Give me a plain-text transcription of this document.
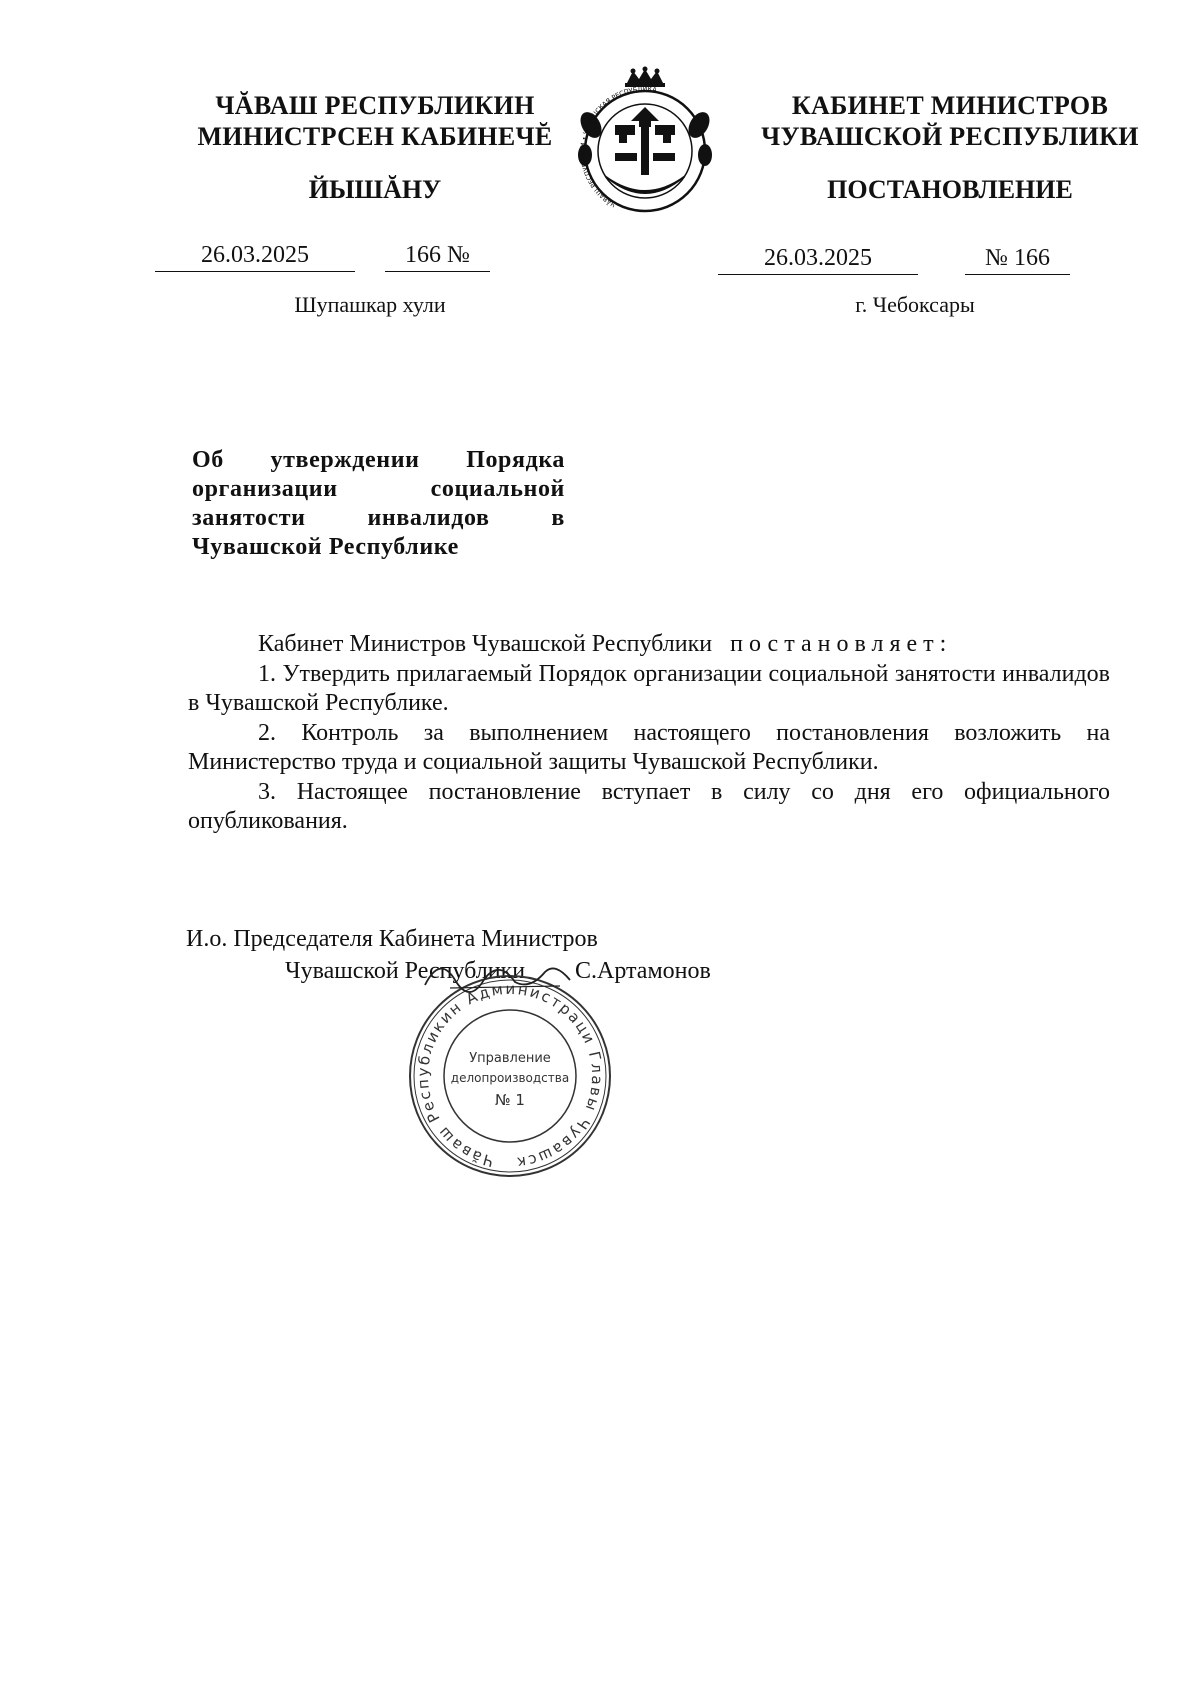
ЧĂВАШ РЕСПУБЛИКИН
МИНИСТРСЕН КАБИНЕЧĔ
ЙЫШĂНУ
КАБИНЕТ МИНИСТРОВ
ЧУВАШСКОЙ РЕСПУБЛИКИ
ПОСТАНОВЛЕНИЕ
ЧĂВАШ РЕСПУБЛИКИ • ЧУВАШСКАЯ РЕСПУБЛИКА
26.03.2025	166 №	26.03.2025	№ 166
Шупашкар хули	г. Чебоксары
Об утверждении Порядка организации социальной занятости инвалидов в Чувашской Республике

Кабинет Министров Чувашской Республики постановляет:

1. Утвердить прилагаемый Порядок организации социальной занятости инвалидов в Чувашской Республике.

2. Контроль за выполнением настоящего постановления возложить на Министерство труда и социальной защиты Чувашской Республики.

3. Настоящее постановление вступает в силу со дня его официального опубликования.

И.о. Председателя Кабинета Министров
Чувашской Республики С.Артамонов
Чăваш Республикин Администраци Главы Чувашск
Управление
делопроизводства
№ 1
